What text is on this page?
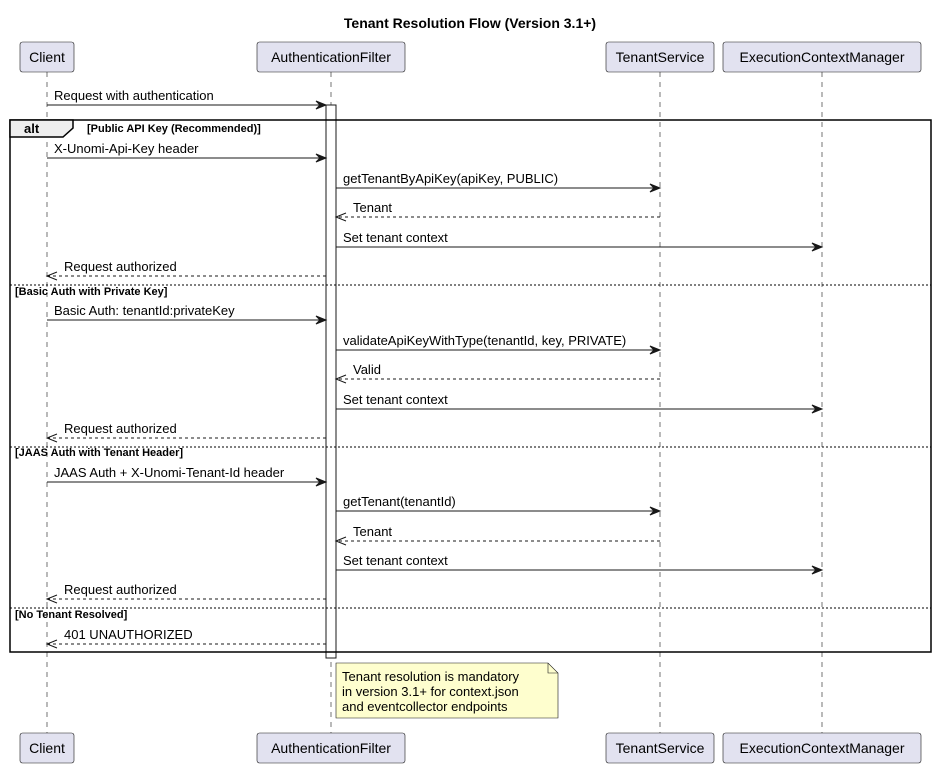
Tenant Resolution Flow (Version 3.1+)
alt	[Public API Key (Recommended)]
[Basic Auth with Private Key]
[JAAS Auth with Tenant Header]
[No Tenant Resolved]
Request with authentication
X-Unomi-Api-Key header
getTenantByApiKey(apiKey, PUBLIC)
Tenant
Set tenant context
Request authorized
Basic Auth: tenantId:privateKey
validateApiKeyWithType(tenantId, key, PRIVATE)
Valid
Set tenant context
Request authorized
JAAS Auth + X-Unomi-Tenant-Id header
getTenant(tenantId)
Tenant
Set tenant context
Request authorized
401 UNAUTHORIZED
Client	AuthenticationFilter	TenantService	ExecutionContextManager
Client	AuthenticationFilter	TenantService	ExecutionContextManager
Tenant resolution is mandatory
in version 3.1+ for context.json
and eventcollector endpoints
